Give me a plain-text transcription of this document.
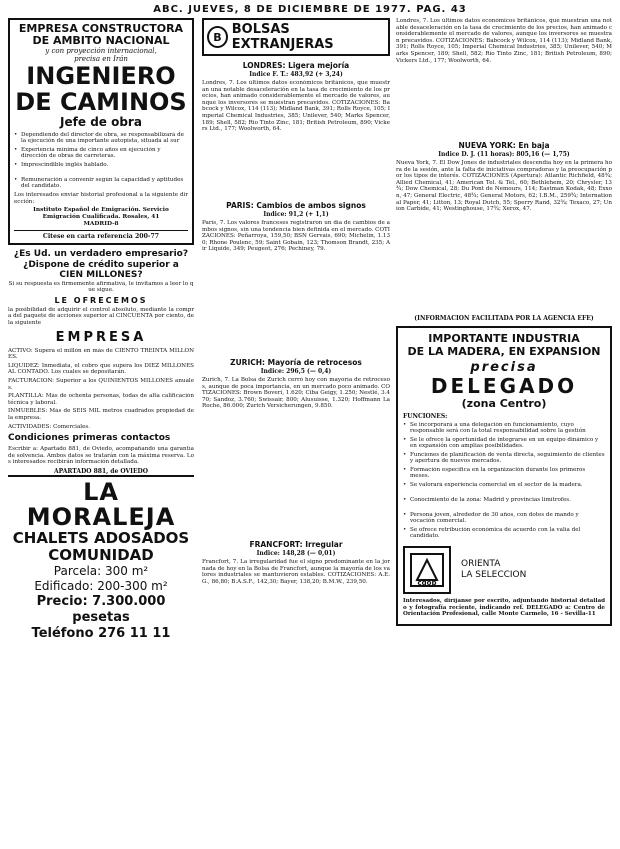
ABC. JUEVES, 8 DE DICIEMBRE DE 1977. PAG. 43
EMPRESA CONSTRUCTORA
DE AMBITO NACIONAL
y con proyección internacional,
precisa en Irán
INGENIERO
DE CAMINOS
Jefe de obra
• Dependiendo del director de obra, se responsabilizará de la ejecución de una importante autopista, situada al sur
• Experiencia mínima de cinco años en ejecución y dirección de obras de carreteras.
• Imprescindible inglés hablado.
• Remuneración a convenir según la capacidad y aptitudes del candidato.
Los interesados enviar historial profesional a la siguiente dirección:
Instituto Español de Emigración. Servicio Emigración Cualificada. Rosales, 41
MADRID-8
Citese en carta referencia 200-77
¿Es Ud. un verdadero empresario?
¿Dispone de crédito superior a
CIEN MILLONES?
Si su respuesta es firmemente afirmativa, le invitamos a leer lo que sigue.
LE OFRECEMOS
la posibilidad de adquirir el control absoluto, mediante la compra del paquete de acciones superior al CINCUENTA por ciento, de la siguiente
EMPRESA
ACTIVO: Supera el millón en más de CIENTO TREINTA MILLONES.
LIQUIDEZ: Inmediata, el cobro que supera los DIEZ MILLONES AL CONTADO. Los cuales se depositarán.
FACTURACION: Superior a los QUINIENTOS MILLONES anuales.
PLANTILLA: Más de ochenta personas, todas de alta calificación técnica y laboral.
INMUEBLES: Más de SEIS MIL metros cuadrados propiedad de la empresa.
ACTIVIDADES: Comerciales.
Condiciones primeras contactos
Escribir a: Apartado 881, de Oviedo, acompañando una garantía de solvencia. Ambos datos se tratarán con la máxima reserva. Los interesados recibirán información detallada.
APARTADO 881, de OVIEDO
LA MORALEJA
CHALETS ADOSADOS
COMUNIDAD
Parcela: 300 m²
Edificado: 200-300 m²
Precio: 7.300.000 pesetas
Teléfono 276 11 11
B BOLSAS EXTRANJERAS
LONDRES: Ligera mejoría
Indice F. T.: 483,92 (+ 3,24)
Londres, 7. Los últimos datos económicos británicos, que muestran una notable desaceleración en la tasa de crecimiento de los precios, han animado considerablemente el mercado de valores, aunque los inversores se muestran precavidos. COTIZACIONES: Babcock y Wilcox, 114 (113); Midland Bank, 391; Rolls Royce, 105; Imperial Chemical Industries, 385; Unilever, 540; Marks Spencer, 189; Shell, 582; Rio Tinto Zinc, 181; British Petroleum, 890; Vickers Ltd., 177; Woolworth, 64.
PARIS: Cambios de ambos signos
Indice: 91,2 (+ 1,1)
París, 7. Los valores franceses registraron un día de cambios de ambos signos, sin una tendencia bien definida en el mercado. COTIZACIONES: Peñarroya, 159,50; BSN Gervais, 690; Michelin, 1.130; Rhone Poulenc, 59; Saint Gobain, 123; Thomson Brandt, 235; Air Liquide, 349; Peugeot, 276; Pechiney, 79.
ZURICH: Mayoría de retrocesos
Indice: 296,5 (— 0,4)
Zurich, 7. La Bolsa de Zurich cerró hoy con mayoría de retrocesos, aunque de poca importancia, en un mercado poco animado. COTIZACIONES: Brown Boveri, 1.620; Ciba Geigy, 1.250; Nestlé, 3.470; Sandoz, 3.760; Swissair, 800; Alusuisse, 1.320; Hoffmann La Roche, 86.000; Zurich Versicherungen, 9.850.
FRANCFORT: Irregular
Indice: 148,28 (— 0,01)
Francfort, 7. La irregularidad fue el signo predominante en la jornada de hoy en la Bolsa de Francfort, aunque la mayoría de los valores industriales se mantuvieron estables. COTIZACIONES: A.E.G., 86,80; B.A.S.F., 142,30; Bayer, 138,20; B.M.W., 239,50.
Londres, 7. Los últimos datos económicos británicos, que muestran una notable desaceleración en la tasa de crecimiento de los precios, han animado considerablemente el mercado de valores, aunque los inversores se muestran precavidos. COTIZACIONES: Babcock y Wilcox, 114 (113); Midland Bank, 391; Rolls Royce, 105; Imperial Chemical Industries, 385; Unilever, 540; Marks Spencer, 189; Shell, 582; Rio Tinto Zinc, 181; British Petroleum, 890; Vickers Ltd., 177; Woolworth, 64.
NUEVA YORK: En baja
Indice D. J. (11 horas): 805,16 (— 1,75)
Nueva York, 7. El Dow Jones de industriales descendía hoy en la primera hora de la sesión, ante la falta de iniciativas compradoras y la preocupación por los tipos de interés. COTIZACIONES (Apertura): Atlantic Richfield, 48¾; Allied Chemical, 41; American Tel. & Tel., 60; Bethlehem, 20; Chrysler, 13¾; Dow Chemical, 28; Du Pont de Nemours, 114; Eastman Kodak, 48; Exxon, 47; General Electric, 48¾; General Motors, 62; I.B.M., 259¾; International Paper, 41; Litton, 13; Royal Dutch, 55; Sperry Rand, 32¾; Texaco, 27; Union Carbide, 41; Westinghouse, 17¾; Xerox, 47.
(INFORMACION FACILITADA POR LA AGENCIA EFE)
IMPORTANTE INDUSTRIA
DE LA MADERA, EN EXPANSION
precisa
DELEGADO
(zona Centro)
FUNCIONES:
• Se incorporará a una delegación en funcionamiento, cuyo responsable será con la total responsabilidad sobre la gestión
• Se le ofrece la oportunidad de integrarse en un equipo dinámico y en expansión con amplias posibilidades.
• Funciones de planificación de venta directa, seguimiento de clientes y apertura de nuevos mercados.
• Formación específica en la organización durante los primeros meses.
• Se valorará experiencia comercial en el sector de la madera.
• Conocimiento de la zona: Madrid y provincias limítrofes.
• Persona joven, alrededor de 30 años, con dotes de mando y vocación comercial.
• Se ofrece retribución económica de acuerdo con la valía del candidato.
cdop
ORIENTA
LA SELECCION
Interesados, diríjanse por escrito, adjuntando historial detallado y fotografía reciente, indicando ref. DELEGADO a: Centro de Orientación Profesional, calle Monte Carmelo, 16 - Sevilla-11
